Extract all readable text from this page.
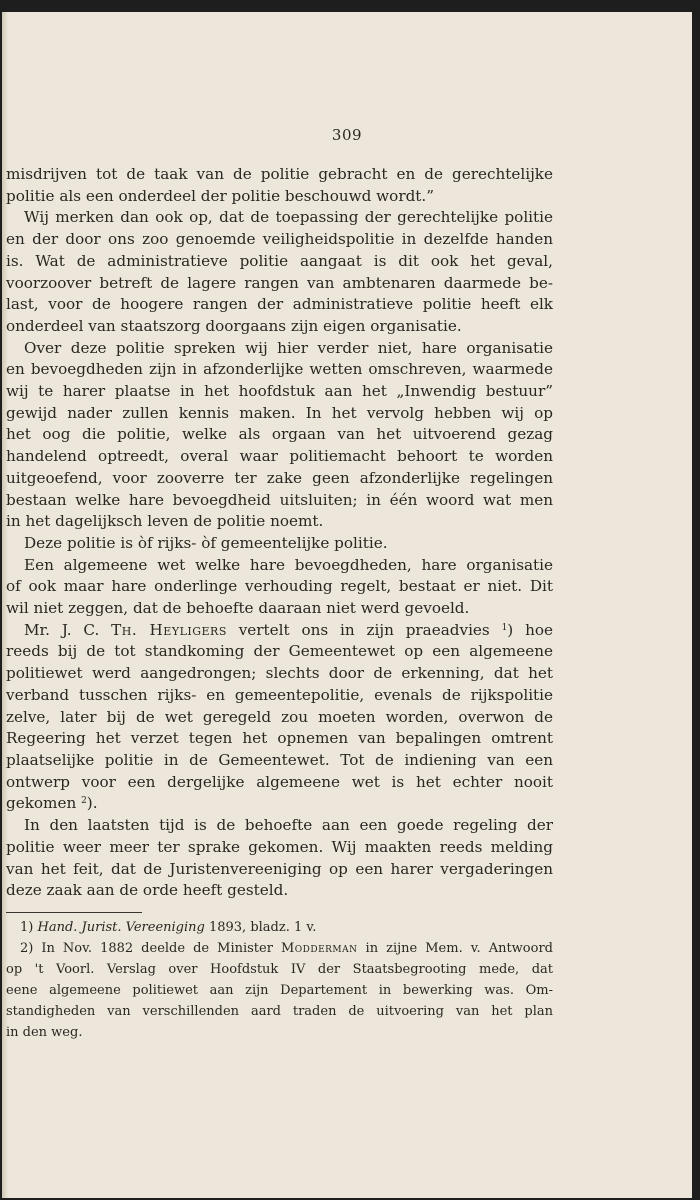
309

misdrijven tot de taak van de politie gebracht en de gerechtelijke
politie als een onderdeel der politie beschouwd wordt.”

Wij merken dan ook op, dat de toepassing der gerechtelijke politie
en der door ons zoo genoemde veiligheidspolitie in dezelfde handen
is. Wat de administratieve politie aangaat is dit ook het geval,
voorzoover betreft de lagere rangen van ambtenaren daarmede be-
last, voor de hoogere rangen der administratieve politie heeft elk
onderdeel van staatszorg doorgaans zijn eigen organisatie.

Over deze politie spreken wij hier verder niet, hare organisatie
en bevoegdheden zijn in afzonderlijke wetten omschreven, waarmede
wij te harer plaatse in het hoofdstuk aan het „Inwendig bestuur”
gewijd nader zullen kennis maken. In het vervolg hebben wij op
het oog die politie, welke als orgaan van het uitvoerend gezag
handelend optreedt, overal waar politiemacht behoort te worden
uitgeoefend, voor zooverre ter zake geen afzonderlijke regelingen
bestaan welke hare bevoegdheid uitsluiten; in één woord wat men
in het dagelijksch leven de politie noemt.

Deze politie is òf rijks- òf gemeentelijke politie.

Een algemeene wet welke hare bevoegdheden, hare organisatie
of ook maar hare onderlinge verhouding regelt, bestaat er niet. Dit
wil niet zeggen, dat de behoefte daaraan niet werd gevoeld.

Mr. J. C. Th. Heyligers vertelt ons in zijn praeadvies $^1$) hoe
reeds bij de tot standkoming der Gemeentewet op een algemeene
politiewet werd aangedrongen; slechts door de erkenning, dat het
verband tusschen rijks- en gemeentepolitie, evenals de rijkspolitie
zelve, later bij de wet geregeld zou moeten worden, overwon de
Regeering het verzet tegen het opnemen van bepalingen omtrent
plaatselijke politie in de Gemeentewet. Tot de indiening van een
ontwerp voor een dergelijke algemeene wet is het echter nooit
gekomen $^2$).

In den laatsten tijd is de behoefte aan een goede regeling der
politie weer meer ter sprake gekomen. Wij maakten reeds melding
van het feit, dat de Juristenvereeniging op een harer vergaderingen
deze zaak aan de orde heeft gesteld.

1) Hand. Jurist. Vereeniging 1893, bladz. 1 v.
2) In Nov. 1882 deelde de Minister Modderman in zijne Mem. v. Antwoord
op 't Voorl. Verslag over Hoofdstuk IV der Staatsbegrooting mede, dat
eene algemeene politiewet aan zijn Departement in bewerking was. Om-
standigheden van verschillenden aard traden de uitvoering van het plan
in den weg.
